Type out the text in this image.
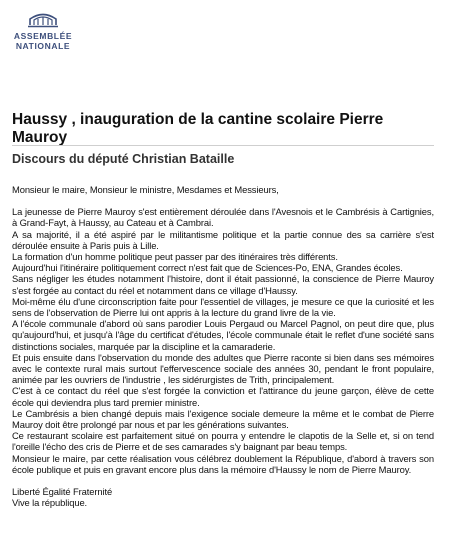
ASSEMBLÉE
NATIONALE
Haussy , inauguration de la cantine scolaire Pierre Mauroy
Discours du député Christian Bataille

Monsieur le maire, Monsieur le ministre, Mesdames et Messieurs,

La jeunesse de Pierre Mauroy s'est entièrement déroulée dans l'Avesnois et le Cambrésis à Cartignies, à Grand-Fayt, à Haussy, au Cateau et à Cambrai.

A sa majorité, il a été aspiré par le militantisme politique et la partie connue des sa carrière s'est déroulée ensuite à Paris puis à Lille.

La formation d'un homme politique peut passer par des itinéraires très différents.

Aujourd'hui l'itinéraire politiquement correct n'est fait que de Sciences-Po, ENA, Grandes écoles.

Sans négliger les études notamment l'histoire, dont il était passionné, la conscience de Pierre Mauroy s'est forgée au contact du réel et notamment dans ce village d'Haussy.

Moi-même élu d'une circonscription faite pour l'essentiel de villages, je mesure ce que la curiosité et les sens de l'observation de Pierre lui ont appris à la lecture du grand livre de la vie.

A l'école communale d'abord où sans parodier Louis Pergaud ou Marcel Pagnol, on peut dire que, plus qu'aujourd'hui, et jusqu'à l'âge du certificat d'études, l'école communale était le reflet d'une société sans distinctions sociales, marquée par la discipline et la camaraderie.

Et puis ensuite dans l'observation du monde des adultes que Pierre raconte si bien dans ses mémoires avec le contexte rural mais surtout l'effervescence sociale des années 30, pendant le front populaire, animée par les ouvriers de l'industrie , les sidérurgistes de Trith, principalement.

C'est à ce contact du réel que s'est forgée la conviction et l'attirance du jeune garçon, élève de cette école qui deviendra plus tard premier ministre.

Le Cambrésis a bien changé depuis mais l'exigence sociale demeure la même et le combat de Pierre Mauroy doit être prolongé par nous et par les générations suivantes.

Ce restaurant scolaire est parfaitement situé on pourra y entendre le clapotis de la Selle et, si on tend l'oreille l'écho des cris de Pierre et de ses camarades s'y baignant par beau temps.

Monsieur le maire, par cette réalisation vous célébrez doublement la République, d'abord à travers son école publique et puis en gravant encore plus dans la mémoire d'Haussy le nom de Pierre Mauroy.

Liberté Égalité Fraternité

Vive la république.
